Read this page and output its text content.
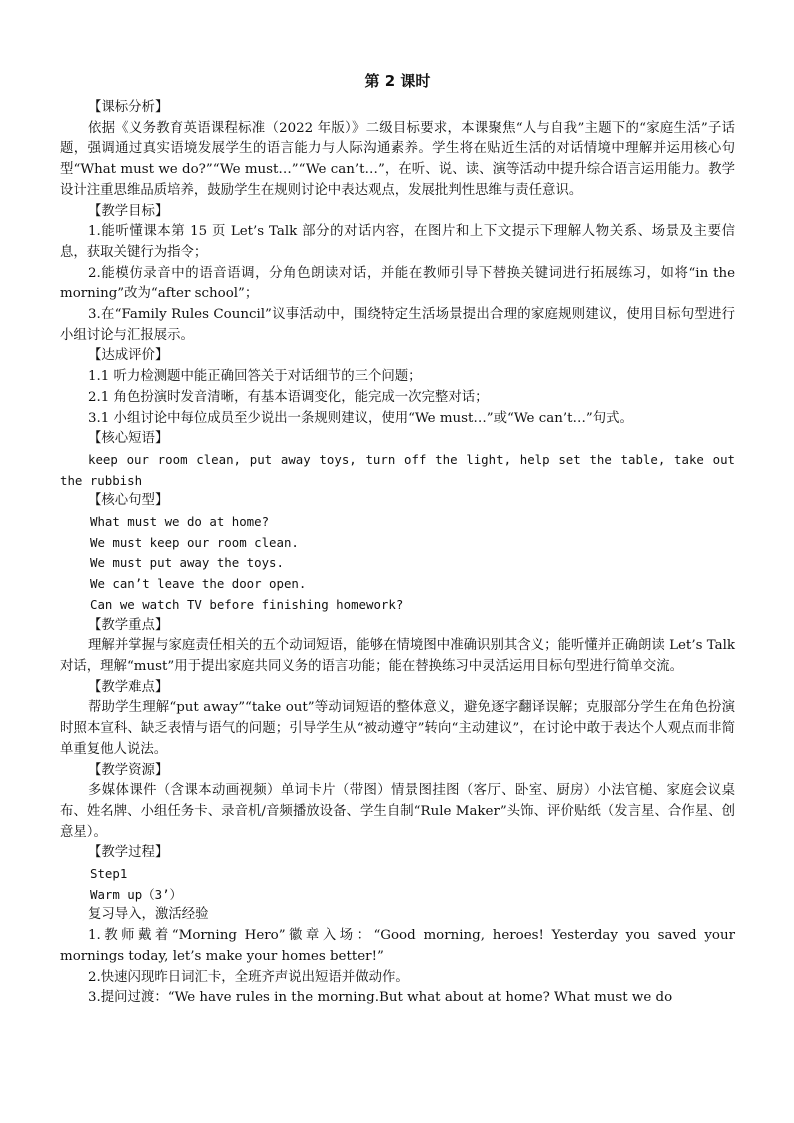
第 2 课时

【课标分析】

依据《义务教育英语课程标准（2022 年版）》二级目标要求，本课聚焦“人与自我”主题下的“家庭生活”子话题，强调通过真实语境发展学生的语言能力与人际沟通素养。学生将在贴近生活的对话情境中理解并运用核心句型“What must we do?”“We must…”“We can’t…”，在听、说、读、演等活动中提升综合语言运用能力。教学设计注重思维品质培养，鼓励学生在规则讨论中表达观点，发展批判性思维与责任意识。

【教学目标】

1.能听懂课本第 15 页 Let’s Talk 部分的对话内容，在图片和上下文提示下理解人物关系、场景及主要信息，获取关键行为指令；

2.能模仿录音中的语音语调，分角色朗读对话，并能在教师引导下替换关键词进行拓展练习，如将“in the morning”改为“after school”；

3.在“Family Rules Council”议事活动中，围绕特定生活场景提出合理的家庭规则建议，使用目标句型进行小组讨论与汇报展示。

【达成评价】

1.1 听力检测题中能正确回答关于对话细节的三个问题；

2.1 角色扮演时发音清晰，有基本语调变化，能完成一次完整对话；

3.1 小组讨论中每位成员至少说出一条规则建议，使用“We must…”或“We can’t…”句式。

【核心短语】

keep our room clean, put away toys, turn off the light, help set the table, take out the rubbish

【核心句型】

What must we do at home?

We must keep our room clean.

We must put away the toys.

We can’t leave the door open.

Can we watch TV before finishing homework?

【教学重点】

理解并掌握与家庭责任相关的五个动词短语，能够在情境图中准确识别其含义；能听懂并正确朗读 Let’s Talk 对话，理解“must”用于提出家庭共同义务的语言功能；能在替换练习中灵活运用目标句型进行简单交流。

【教学难点】

帮助学生理解“put away”“take out”等动词短语的整体意义，避免逐字翻译误解；克服部分学生在角色扮演时照本宣科、缺乏表情与语气的问题；引导学生从“被动遵守”转向“主动建议”，在讨论中敢于表达个人观点而非简单重复他人说法。

【教学资源】

多媒体课件（含课本动画视频）单词卡片（带图）情景图挂图（客厅、卧室、厨房）小法官槌、家庭会议桌布、姓名牌、小组任务卡、录音机/音频播放设备、学生自制“Rule Maker”头饰、评价贴纸（发言星、合作星、创意星）。

【教学过程】

Step1

Warm up（3’）

复习导入，激活经验

1.教师戴着“Morning Hero”徽章入场：“Good morning, heroes! Yesterday you saved your mornings today, let’s make your homes better!”

2.快速闪现昨日词汇卡，全班齐声说出短语并做动作。

3.提问过渡：“We have rules in the morning.But what about at home? What must we do
